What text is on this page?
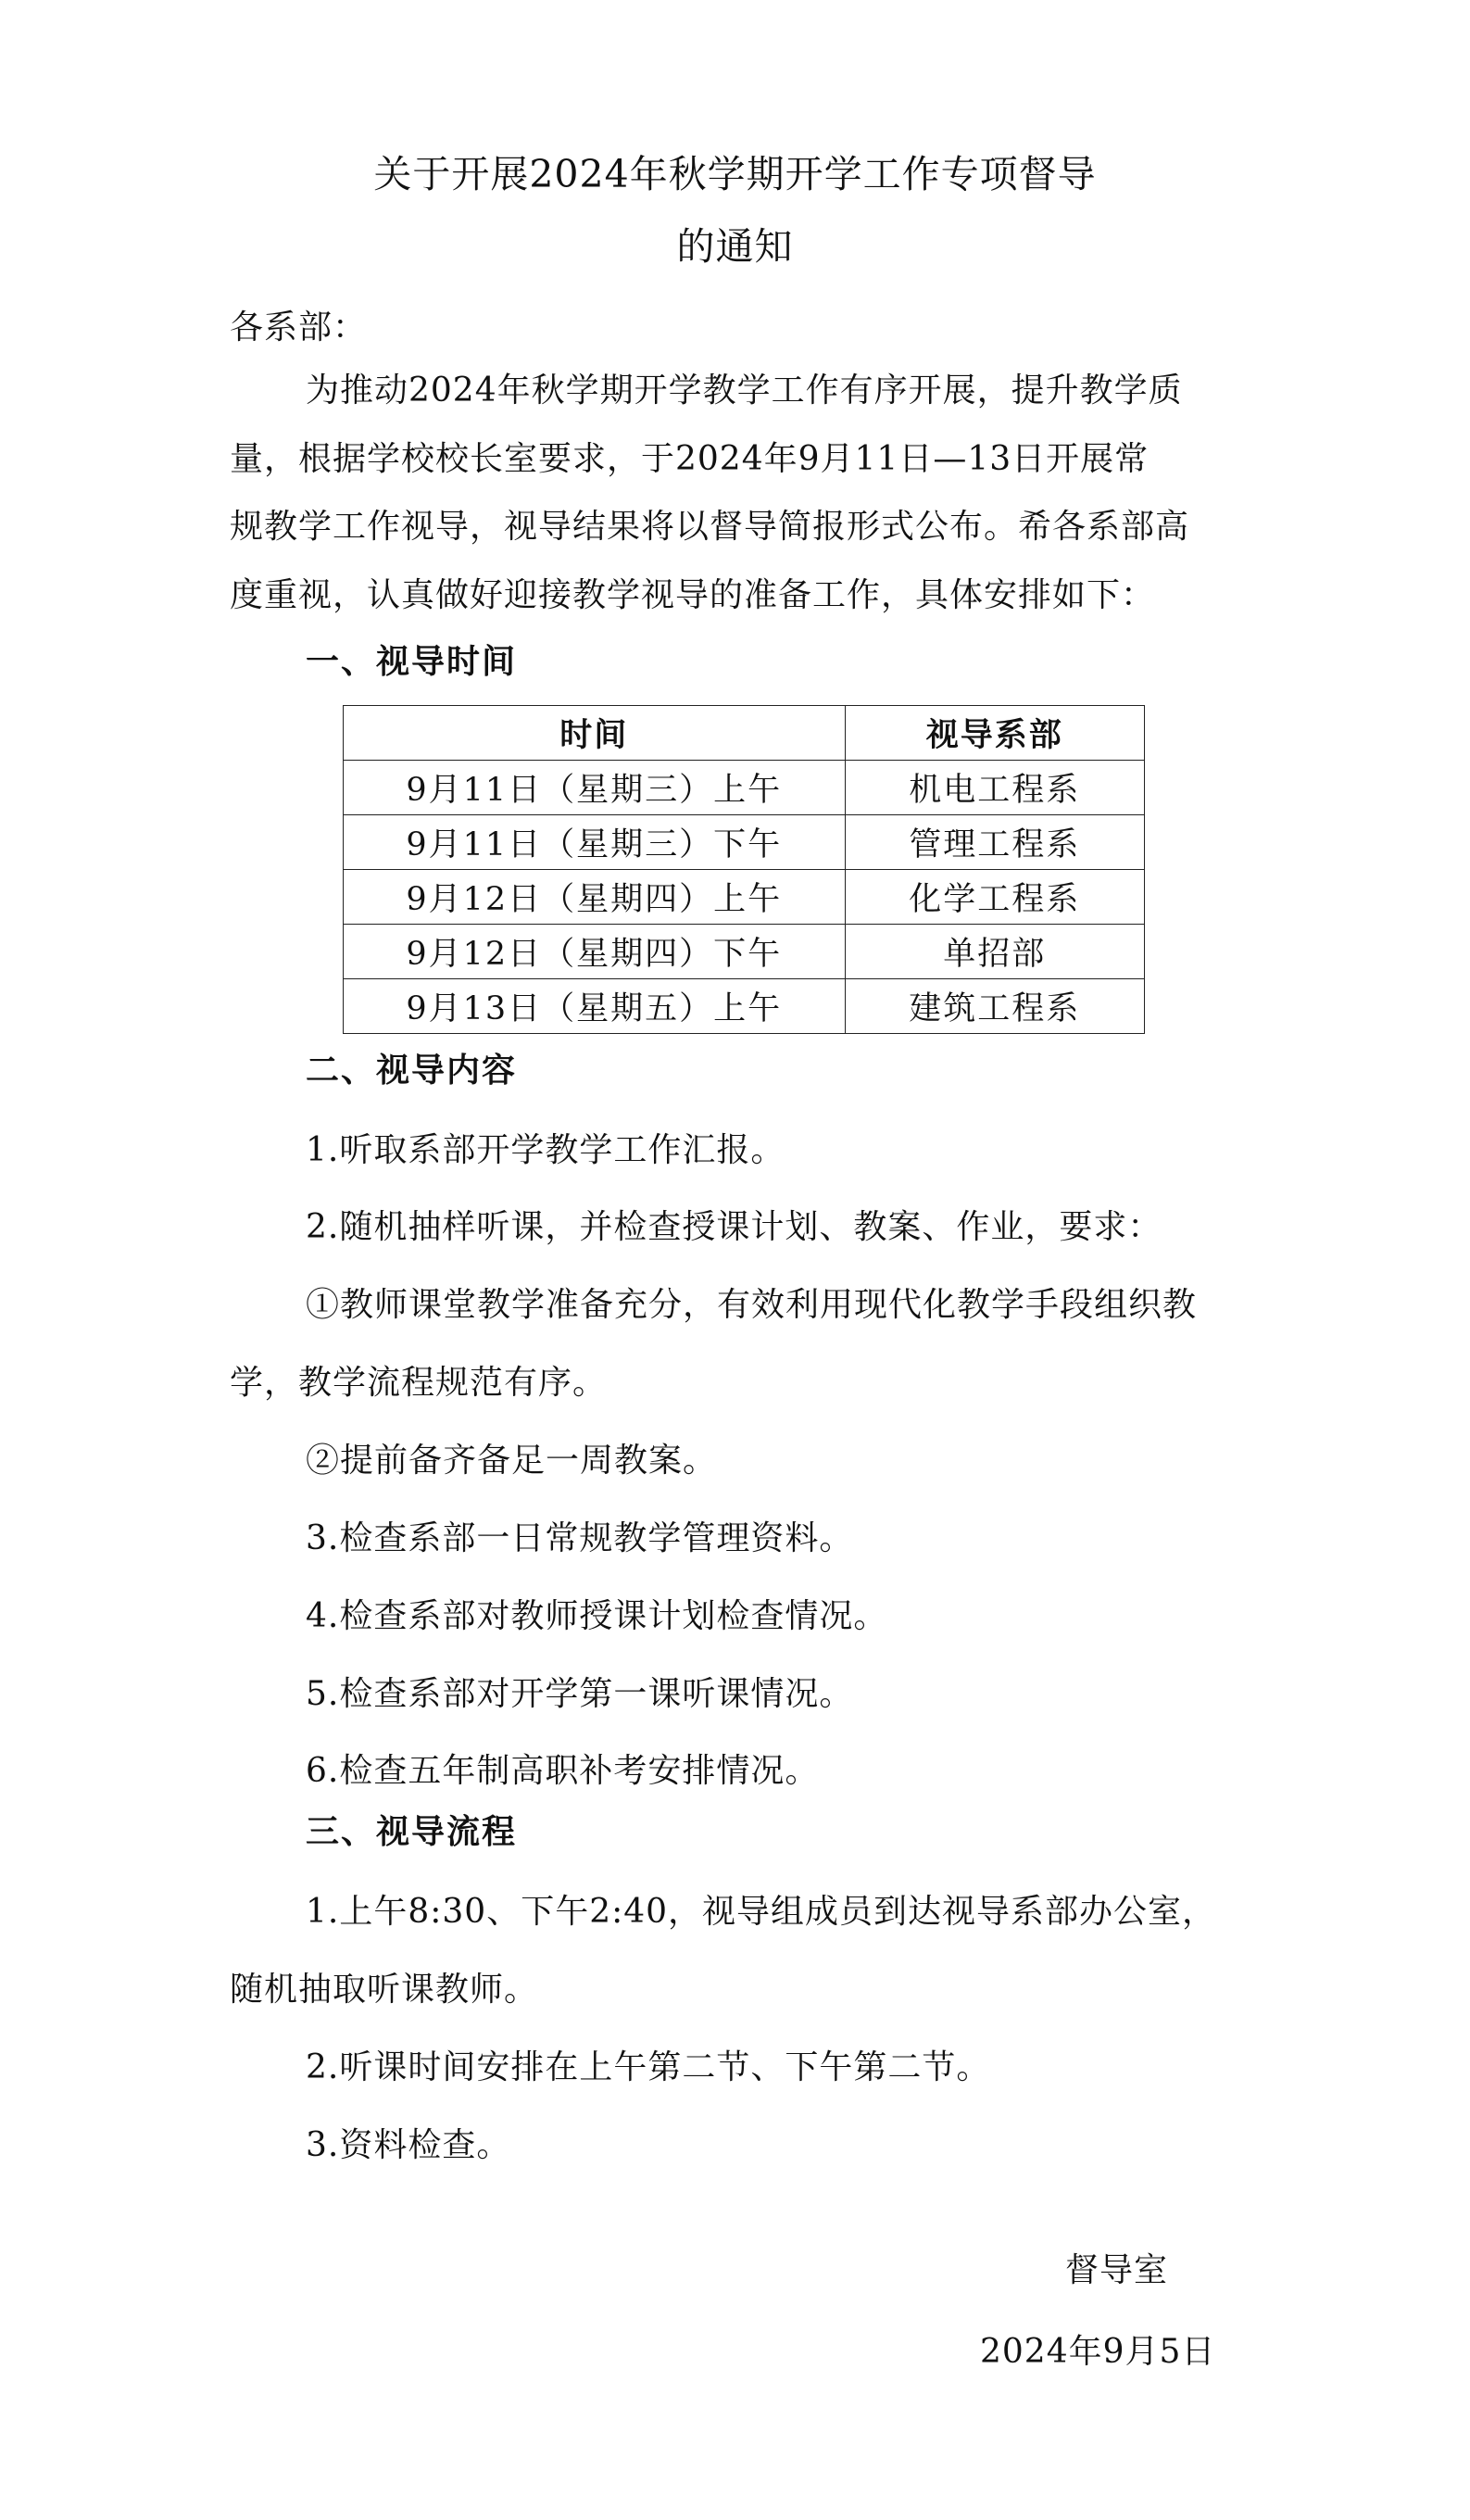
关于开展2024年秋学期开学工作专项督导
的通知
各系部：
为推动2024年秋学期开学教学工作有序开展，提升教学质
量，根据学校校长室要求，于2024年9月11日—13日开展常
规教学工作视导，视导结果将以督导简报形式公布。希各系部高
度重视，认真做好迎接教学视导的准备工作，具体安排如下：
一、视导时间
时间	视导系部
9月11日（星期三）上午	机电工程系
9月11日（星期三）下午	管理工程系
9月12日（星期四）上午	化学工程系
9月12日（星期四）下午	单招部
9月13日（星期五）上午	建筑工程系
二、视导内容
1.听取系部开学教学工作汇报。
2.随机抽样听课，并检查授课计划、教案、作业，要求：
①教师课堂教学准备充分，有效利用现代化教学手段组织教
学，教学流程规范有序。
②提前备齐备足一周教案。
3.检查系部一日常规教学管理资料。
4.检查系部对教师授课计划检查情况。
5.检查系部对开学第一课听课情况。
6.检查五年制高职补考安排情况。
三、视导流程
1.上午8:30、下午2:40，视导组成员到达视导系部办公室，
随机抽取听课教师。
2.听课时间安排在上午第二节、下午第二节。
3.资料检查。
督导室
2024年9月5日
